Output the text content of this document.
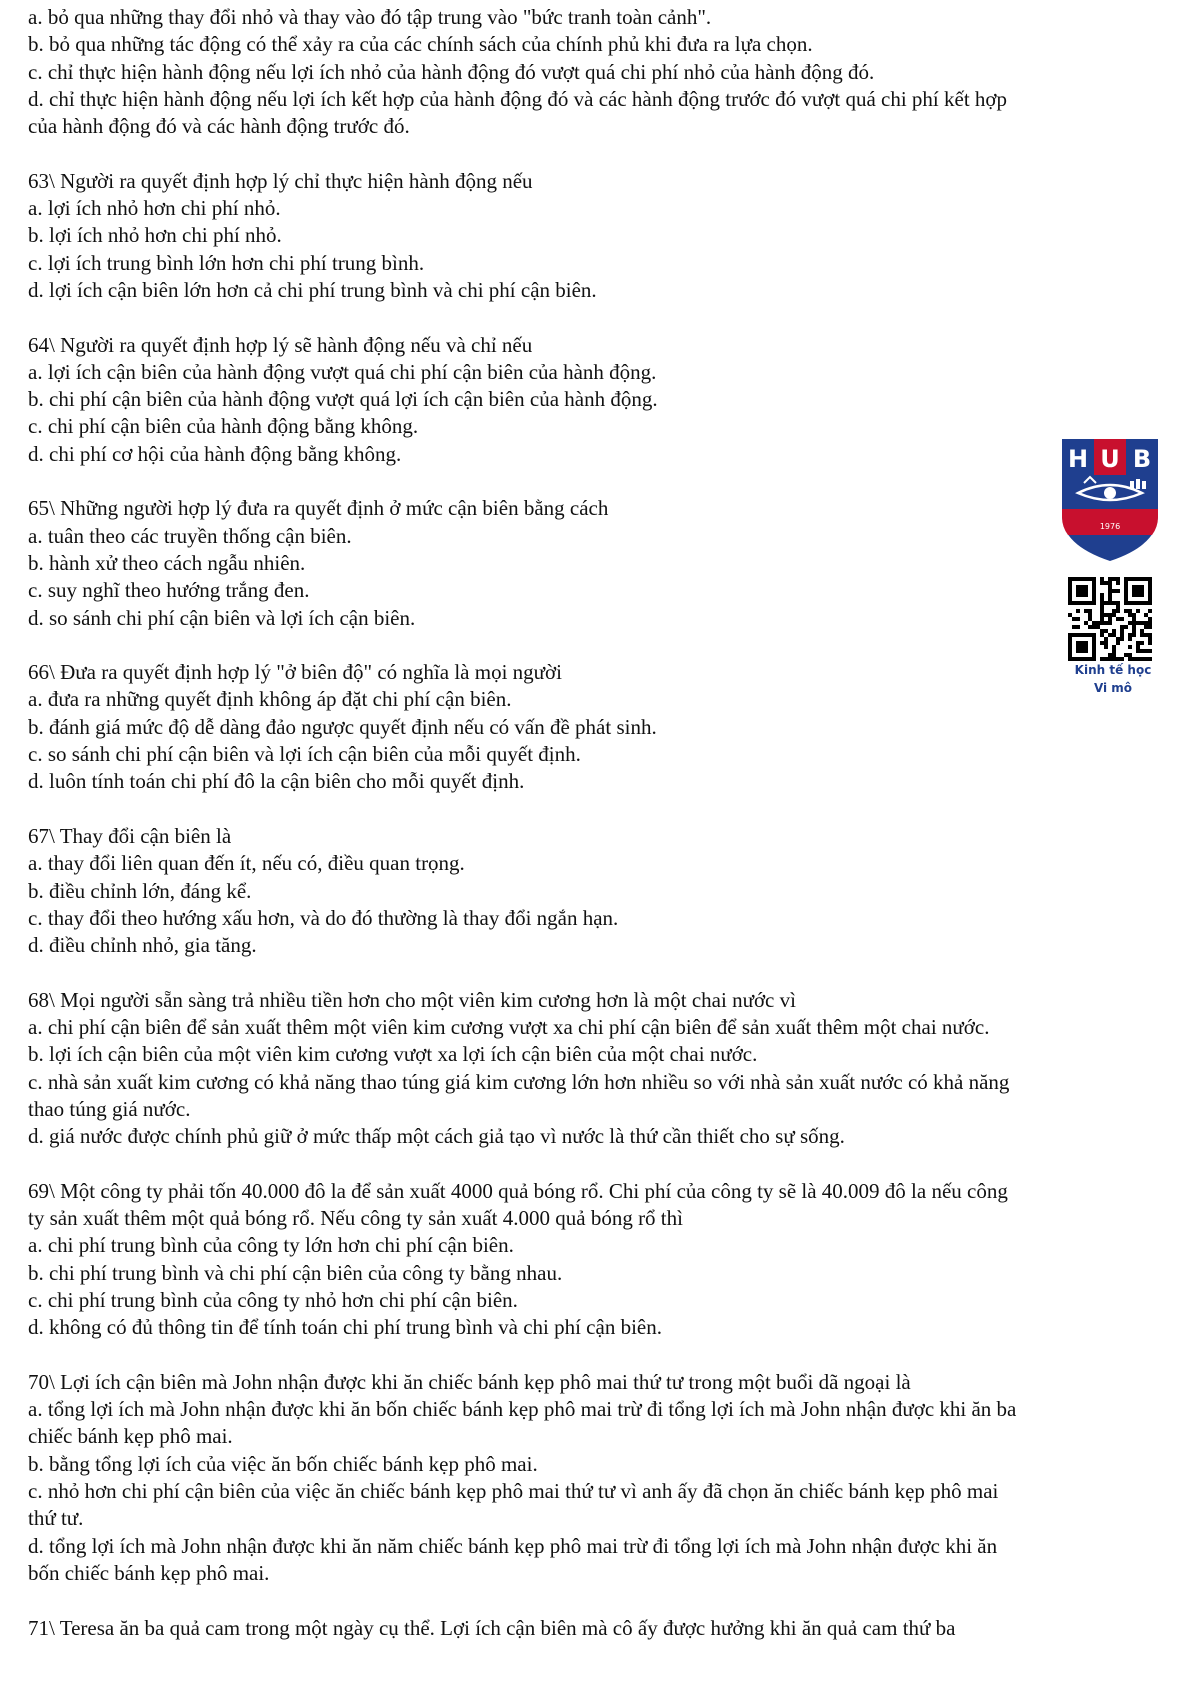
a. bỏ qua những thay đổi nhỏ và thay vào đó tập trung vào "bức tranh toàn cảnh".
b. bỏ qua những tác động có thể xảy ra của các chính sách của chính phủ khi đưa ra lựa chọn.
c. chỉ thực hiện hành động nếu lợi ích nhỏ của hành động đó vượt quá chi phí nhỏ của hành động đó.
d. chỉ thực hiện hành động nếu lợi ích kết hợp của hành động đó và các hành động trước đó vượt quá chi phí kết hợp
của hành động đó và các hành động trước đó.
63\ Người ra quyết định hợp lý chỉ thực hiện hành động nếu
a. lợi ích nhỏ hơn chi phí nhỏ.
b. lợi ích nhỏ hơn chi phí nhỏ.
c. lợi ích trung bình lớn hơn chi phí trung bình.
d. lợi ích cận biên lớn hơn cả chi phí trung bình và chi phí cận biên.
64\ Người ra quyết định hợp lý sẽ hành động nếu và chỉ nếu
a. lợi ích cận biên của hành động vượt quá chi phí cận biên của hành động.
b. chi phí cận biên của hành động vượt quá lợi ích cận biên của hành động.
c. chi phí cận biên của hành động bằng không.
d. chi phí cơ hội của hành động bằng không.
65\ Những người hợp lý đưa ra quyết định ở mức cận biên bằng cách
a. tuân theo các truyền thống cận biên.
b. hành xử theo cách ngẫu nhiên.
c. suy nghĩ theo hướng trắng đen.
d. so sánh chi phí cận biên và lợi ích cận biên.
66\ Đưa ra quyết định hợp lý "ở biên độ" có nghĩa là mọi người
a. đưa ra những quyết định không áp đặt chi phí cận biên.
b. đánh giá mức độ dễ dàng đảo ngược quyết định nếu có vấn đề phát sinh.
c. so sánh chi phí cận biên và lợi ích cận biên của mỗi quyết định.
d. luôn tính toán chi phí đô la cận biên cho mỗi quyết định.
67\ Thay đổi cận biên là
a. thay đổi liên quan đến ít, nếu có, điều quan trọng.
b. điều chỉnh lớn, đáng kể.
c. thay đổi theo hướng xấu hơn, và do đó thường là thay đổi ngắn hạn.
d. điều chỉnh nhỏ, gia tăng.
68\ Mọi người sẵn sàng trả nhiều tiền hơn cho một viên kim cương hơn là một chai nước vì
a. chi phí cận biên để sản xuất thêm một viên kim cương vượt xa chi phí cận biên để sản xuất thêm một chai nước.
b. lợi ích cận biên của một viên kim cương vượt xa lợi ích cận biên của một chai nước.
c. nhà sản xuất kim cương có khả năng thao túng giá kim cương lớn hơn nhiều so với nhà sản xuất nước có khả năng
thao túng giá nước.
d. giá nước được chính phủ giữ ở mức thấp một cách giả tạo vì nước là thứ cần thiết cho sự sống.
69\ Một công ty phải tốn 40.000 đô la để sản xuất 4000 quả bóng rổ. Chi phí của công ty sẽ là 40.009 đô la nếu công
ty sản xuất thêm một quả bóng rổ. Nếu công ty sản xuất 4.000 quả bóng rổ thì
a. chi phí trung bình của công ty lớn hơn chi phí cận biên.
b. chi phí trung bình và chi phí cận biên của công ty bằng nhau.
c. chi phí trung bình của công ty nhỏ hơn chi phí cận biên.
d. không có đủ thông tin để tính toán chi phí trung bình và chi phí cận biên.
70\ Lợi ích cận biên mà John nhận được khi ăn chiếc bánh kẹp phô mai thứ tư trong một buổi dã ngoại là
a. tổng lợi ích mà John nhận được khi ăn bốn chiếc bánh kẹp phô mai trừ đi tổng lợi ích mà John nhận được khi ăn ba
chiếc bánh kẹp phô mai.
b. bằng tổng lợi ích của việc ăn bốn chiếc bánh kẹp phô mai.
c. nhỏ hơn chi phí cận biên của việc ăn chiếc bánh kẹp phô mai thứ tư vì anh ấy đã chọn ăn chiếc bánh kẹp phô mai
thứ tư.
d. tổng lợi ích mà John nhận được khi ăn năm chiếc bánh kẹp phô mai trừ đi tổng lợi ích mà John nhận được khi ăn
bốn chiếc bánh kẹp phô mai.
71\ Teresa ăn ba quả cam trong một ngày cụ thể. Lợi ích cận biên mà cô ấy được hưởng khi ăn quả cam thứ ba
H U B
1976
Kinh tế học
Vi mô
